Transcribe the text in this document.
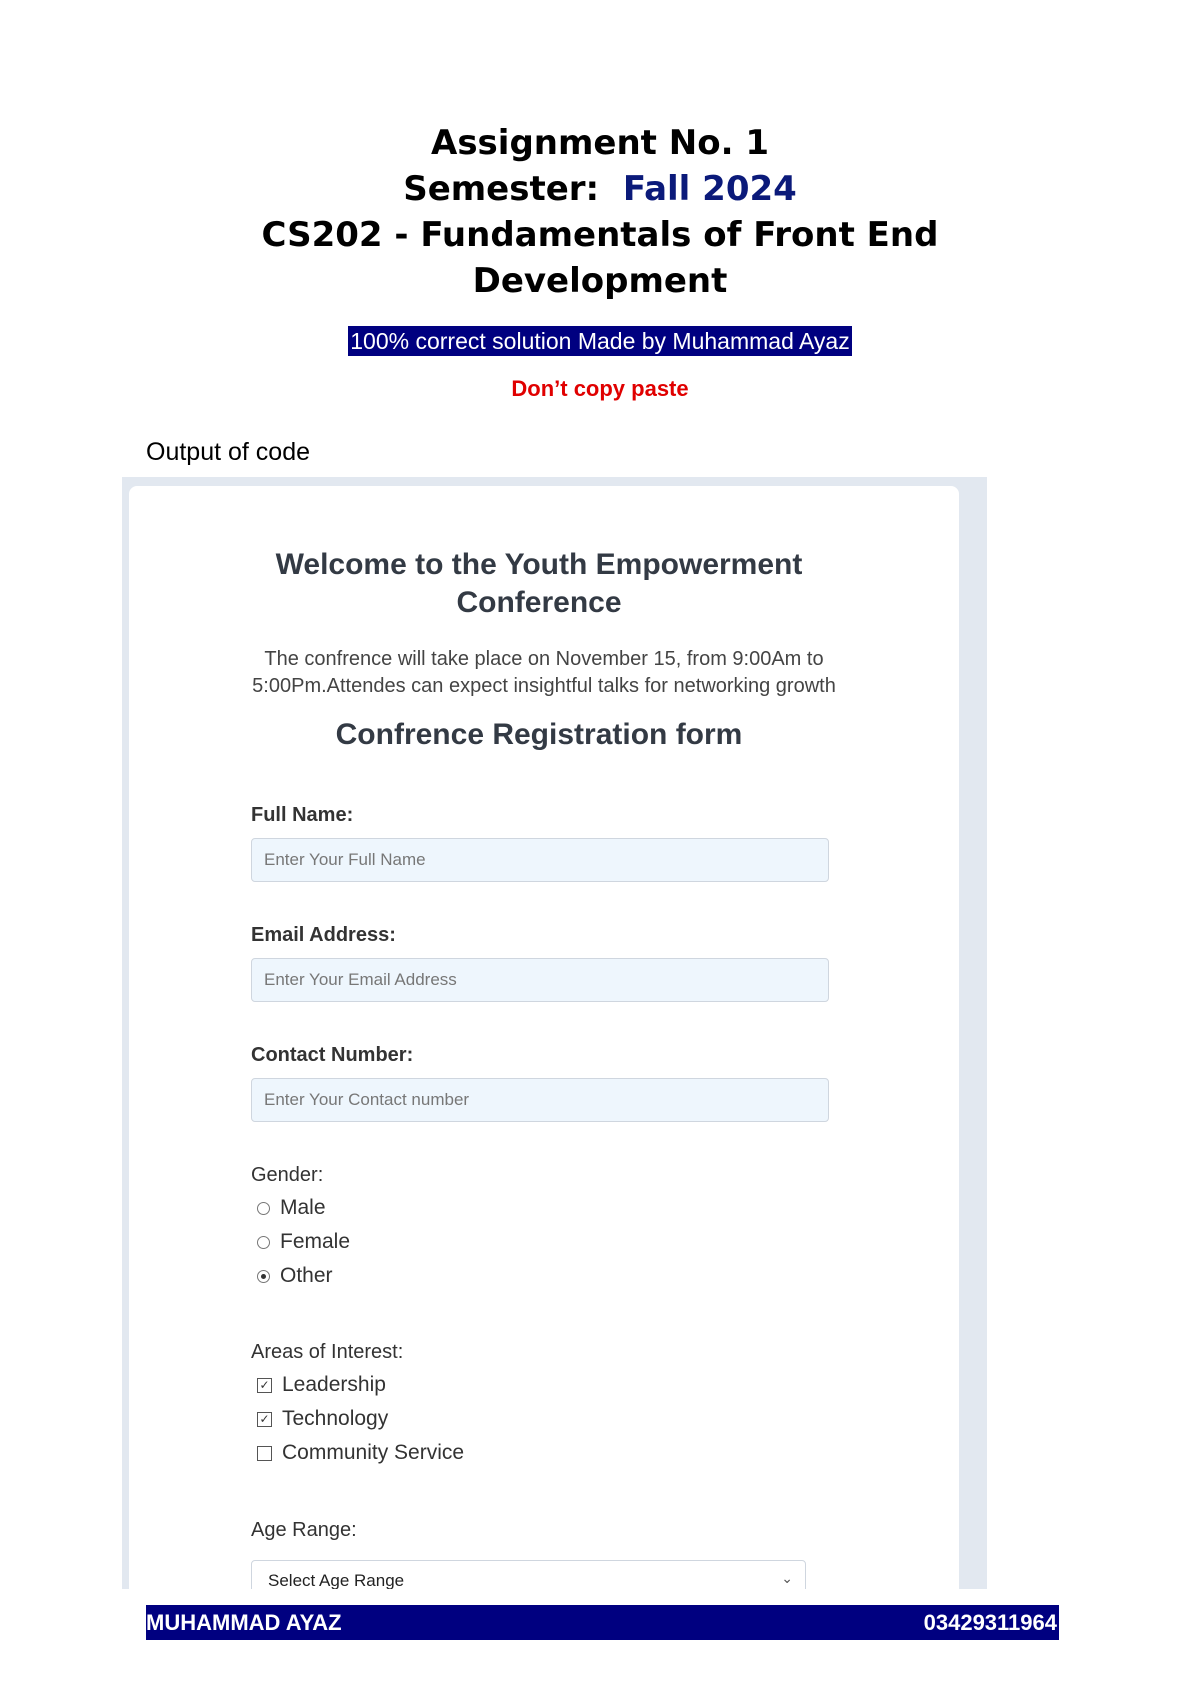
Assignment No. 1
Semester: Fall 2024
CS202 - Fundamentals of Front End
Development
100% correct solution Made by Muhammad Ayaz
Don’t copy paste
Output of code
Welcome to the Youth Empowerment
Conference
The confrence will take place on November 15, from 9:00Am to
5:00Pm.Attendes can expect insightful talks for networking growth
Confrence Registration form
Full Name:
Enter Your Full Name
Email Address:
Enter Your Email Address
Contact Number:
Enter Your Contact number
Gender:
Male
Female
Other
Areas of Interest:
✓ Leadership
✓ Technology
Community Service
Age Range:
Select Age Range	⌄
MUHAMMAD AYAZ	03429311964
